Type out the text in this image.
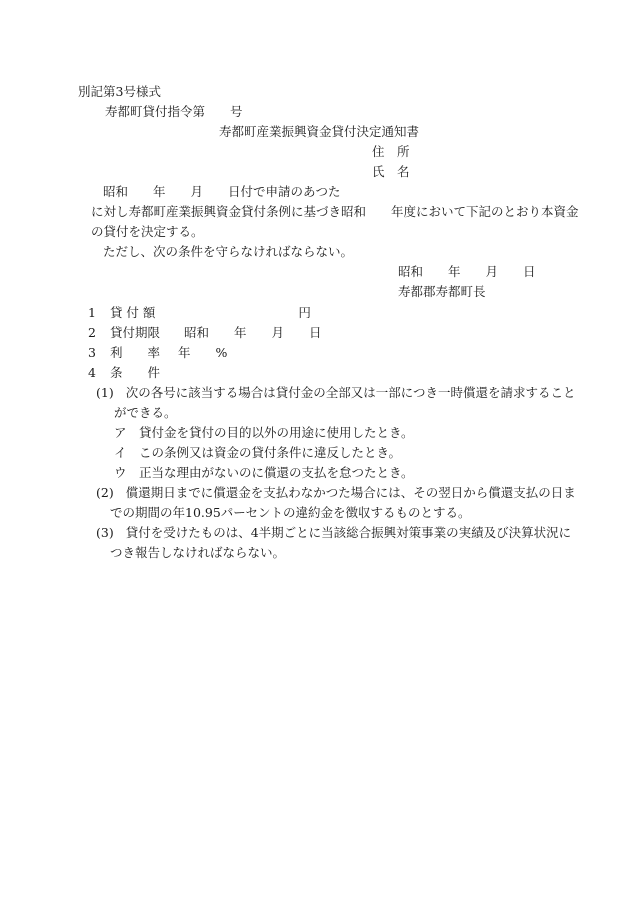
別記第3号様式

寿都町貸付指令第　　号

寿都町産業振興資金貸付決定通知書

住　所

氏　名

昭和　　年　　月　　日付で申請のあつた

に対し寿都町産業振興資金貸付条例に基づき昭和　　年度において下記のとおり本資金

の貸付を決定する。

ただし、次の条件を守らなければならない。

昭和　　年　　月　　日

寿都郡寿都町長

1 貸 付 額	円

2 貸付期限 昭和　　年　　月　　日

3 利　　率 年　　%

4 条　　件

(1) 次の各号に該当する場合は貸付金の全部又は一部につき一時償還を請求すること

ができる。

ア　貸付金を貸付の目的以外の用途に使用したとき。

イ　この条例又は資金の貸付条件に違反したとき。

ウ　正当な理由がないのに償還の支払を怠つたとき。

(2) 償還期日までに償還金を支払わなかつた場合には、その翌日から償還支払の日ま

での期間の年10.95パーセントの違約金を徴収するものとする。

(3) 貸付を受けたものは、4半期ごとに当該総合振興対策事業の実績及び決算状況に

つき報告しなければならない。
